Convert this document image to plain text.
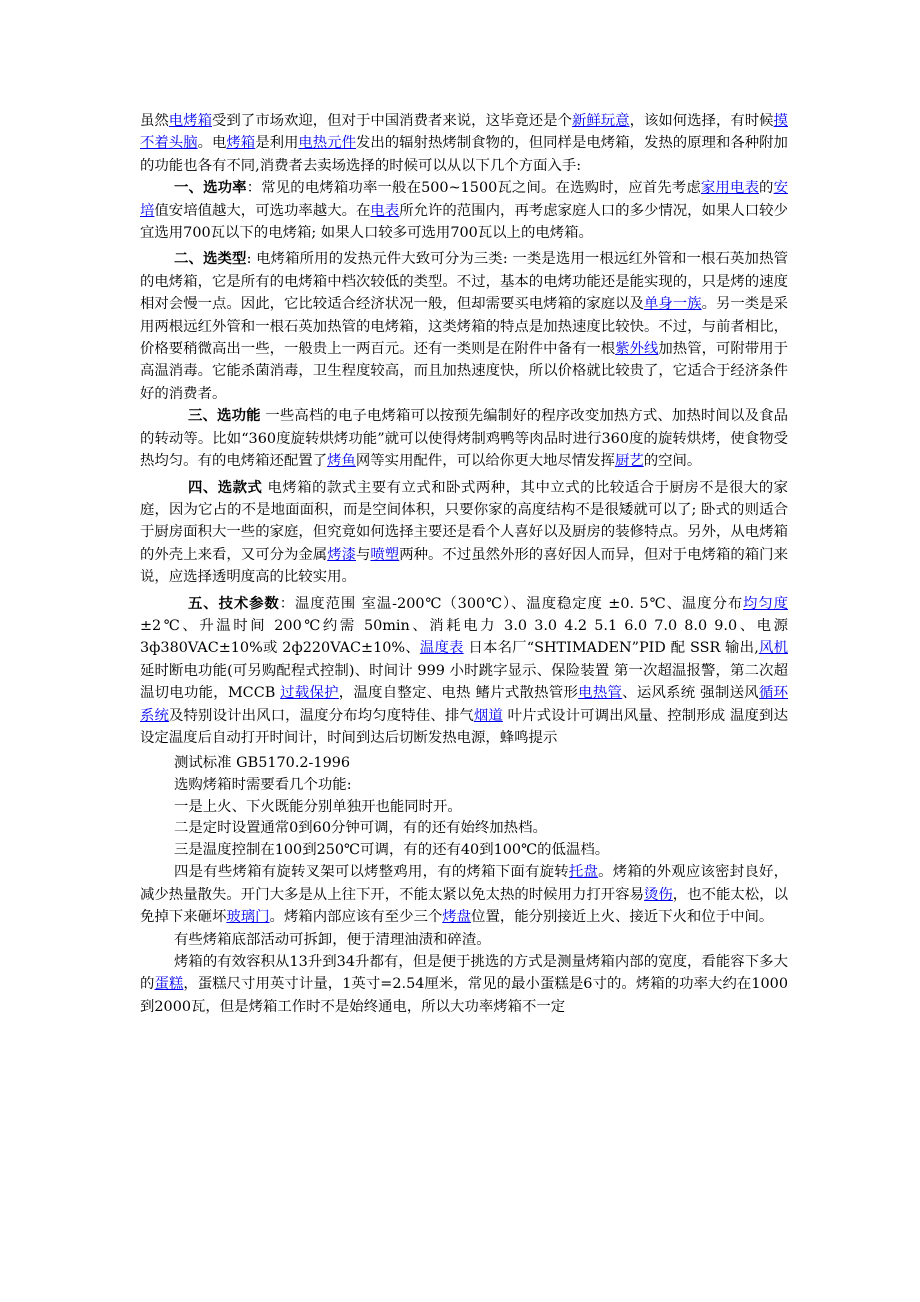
虽然电烤箱受到了市场欢迎，但对于中国消费者来说，这毕竟还是个新鲜玩意，该如何选择，有时候摸不着头脑。电烤箱是利用电热元件发出的辐射热烤制食物的，但同样是电烤箱，发热的原理和各种附加的功能也各有不同,消费者去卖场选择的时候可以从以下几个方面入手:

一、选功率：常见的电烤箱功率一般在500~1500瓦之间。在选购时，应首先考虑家用电表的安培值安培值越大，可选功率越大。在电表所允许的范围内，再考虑家庭人口的多少情况，如果人口较少宜选用700瓦以下的电烤箱; 如果人口较多可选用700瓦以上的电烤箱。

二、选类型: 电烤箱所用的发热元件大致可分为三类: 一类是选用一根远红外管和一根石英加热管的电烤箱，它是所有的电烤箱中档次较低的类型。不过，基本的电烤功能还是能实现的，只是烤的速度相对会慢一点。因此，它比较适合经济状况一般，但却需要买电烤箱的家庭以及单身一族。另一类是采用两根远红外管和一根石英加热管的电烤箱，这类烤箱的特点是加热速度比较快。不过，与前者相比，价格要稍微高出一些，一般贵上一两百元。还有一类则是在附件中备有一根紫外线加热管，可附带用于高温消毒。它能杀菌消毒，卫生程度较高，而且加热速度快，所以价格就比较贵了，它适合于经济条件好的消费者。

三、选功能 一些高档的电子电烤箱可以按预先编制好的程序改变加热方式、加热时间以及食品的转动等。比如“360度旋转烘烤功能”就可以使得烤制鸡鸭等肉品时进行360度的旋转烘烤，使食物受热均匀。有的电烤箱还配置了烤鱼网等实用配件，可以给你更大地尽情发挥厨艺的空间。

四、选款式 电烤箱的款式主要有立式和卧式两种，其中立式的比较适合于厨房不是很大的家庭，因为它占的不是地面面积，而是空间体积，只要你家的高度结构不是很矮就可以了; 卧式的则适合于厨房面积大一些的家庭，但究竟如何选择主要还是看个人喜好以及厨房的装修特点。另外，从电烤箱的外壳上来看，又可分为金属烤漆与喷塑两种。不过虽然外形的喜好因人而异，但对于电烤箱的箱门来说，应选择透明度高的比较实用。

五、技术参数：温度范围 室温-200℃（300℃）、温度稳定度 ±0. 5℃、温度分布均匀度 ±2℃、升温时间 200℃约需 50min、消耗电力 3.0 3.0 4.2 5.1 6.0 7.0 8.0 9.0、电源 3ф380VAC±10%或 2ф220VAC±10%、温度表 日本名厂“SHTIMADEN”PID 配 SSR 输出,风机延时断电功能(可另购配程式控制)、时间计 999 小时跳字显示、保险装置 第一次超温报警，第二次超温切电功能，MCCB 过载保护，温度自整定、电热 鳍片式散热管形电热管、运风系统 强制送风循环系统及特别设计出风口，温度分布均匀度特佳、排气烟道 叶片式设计可调出风量、控制形成 温度到达设定温度后自动打开时间计，时间到达后切断发热电源，蜂鸣提示

测试标准 GB5170.2-1996

选购烤箱时需要看几个功能:

一是上火、下火既能分别单独开也能同时开。

二是定时设置通常0到60分钟可调，有的还有始终加热档。

三是温度控制在100到250℃可调，有的还有40到100℃的低温档。

四是有些烤箱有旋转叉架可以烤整鸡用，有的烤箱下面有旋转托盘。烤箱的外观应该密封良好，减少热量散失。开门大多是从上往下开，不能太紧以免太热的时候用力打开容易烫伤，也不能太松，以免掉下来砸坏玻璃门。烤箱内部应该有至少三个烤盘位置，能分别接近上火、接近下火和位于中间。

有些烤箱底部活动可拆卸，便于清理油渍和碎渣。

烤箱的有效容积从13升到34升都有，但是便于挑选的方式是测量烤箱内部的宽度，看能容下多大的蛋糕，蛋糕尺寸用英寸计量，1英寸=2.54厘米，常见的最小蛋糕是6寸的。烤箱的功率大约在1000到2000瓦，但是烤箱工作时不是始终通电，所以大功率烤箱不一定
